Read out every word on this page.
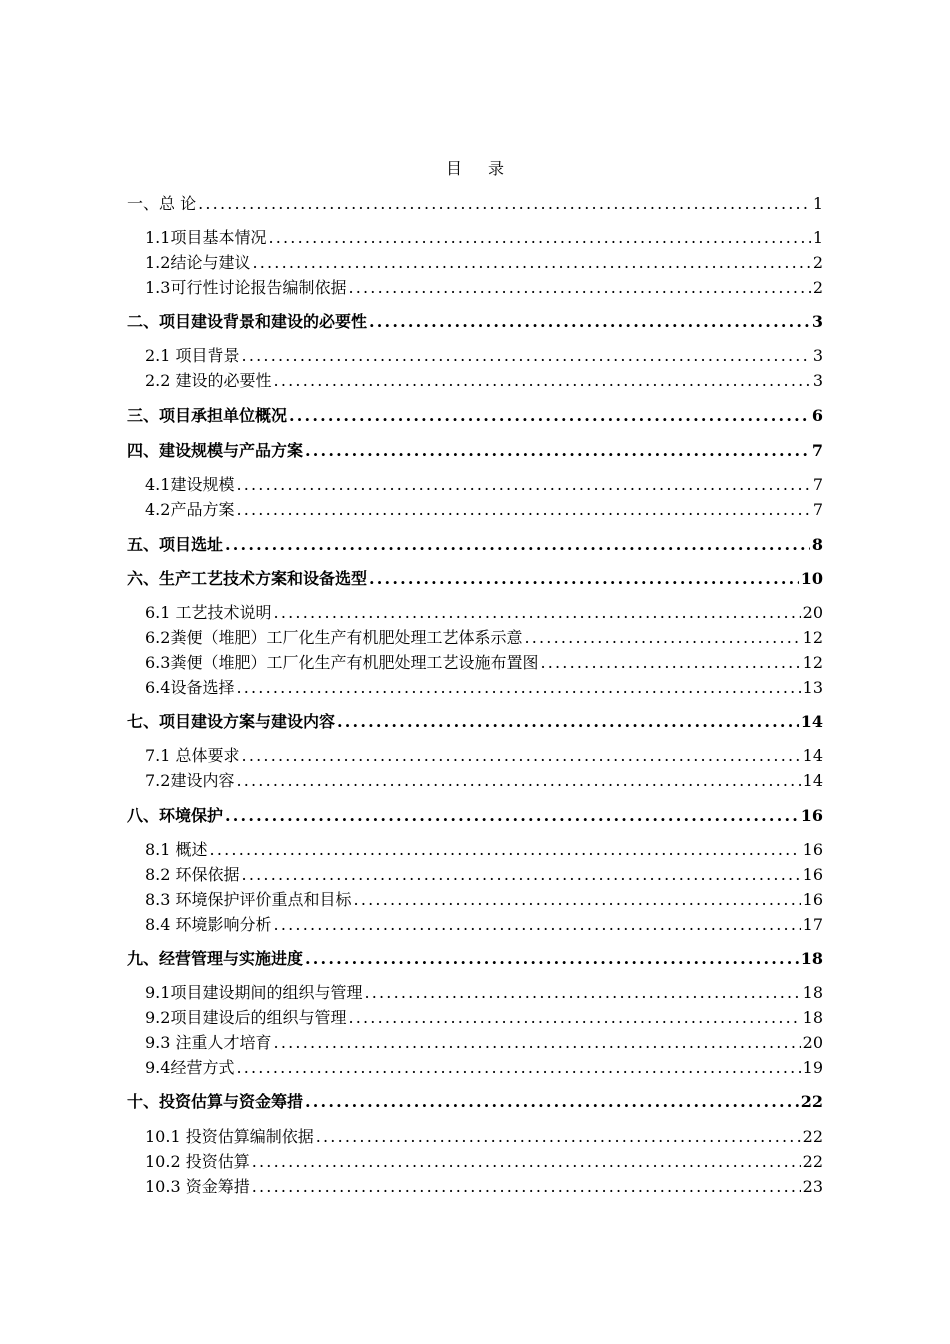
目 录
一、总 论 .....	1
1.1项目基本情况 .....	1
1.2结论与建议 .....	2
1.3可行性讨论报告编制依据 .....	2
二、项目建设背景和建设的必要性 .....	3
2.1 项目背景 .....	3
2.2 建设的必要性 .....	3
三、项目承担单位概况 .....	6
四、建设规模与产品方案 .....	7
4.1建设规模 .....	7
4.2产品方案 .....	7
五、项目选址 .....	8
六、生产工艺技术方案和设备选型 .....	10
6.1 工艺技术说明 .....	20
6.2粪便（堆肥）工厂化生产有机肥处理工艺体系示意 .....	12
6.3粪便（堆肥）工厂化生产有机肥处理工艺设施布置图 .....	12
6.4设备选择 .....	13
七、项目建设方案与建设内容 .....	14
7.1 总体要求 .....	14
7.2建设内容 .....	14
八、环境保护 .....	16
8.1 概述 .....	16
8.2 环保依据 .....	16
8.3 环境保护评价重点和目标 .....	16
8.4 环境影响分析 .....	17
九、经营管理与实施进度 .....	18
9.1项目建设期间的组织与管理 .....	18
9.2项目建设后的组织与管理 .....	18
9.3 注重人才培育 .....	20
9.4经营方式 .....	19
十、投资估算与资金筹措 .....	22
10.1 投资估算编制依据 .....	22
10.2 投资估算 .....	22
10.3 资金筹措 .....	23
